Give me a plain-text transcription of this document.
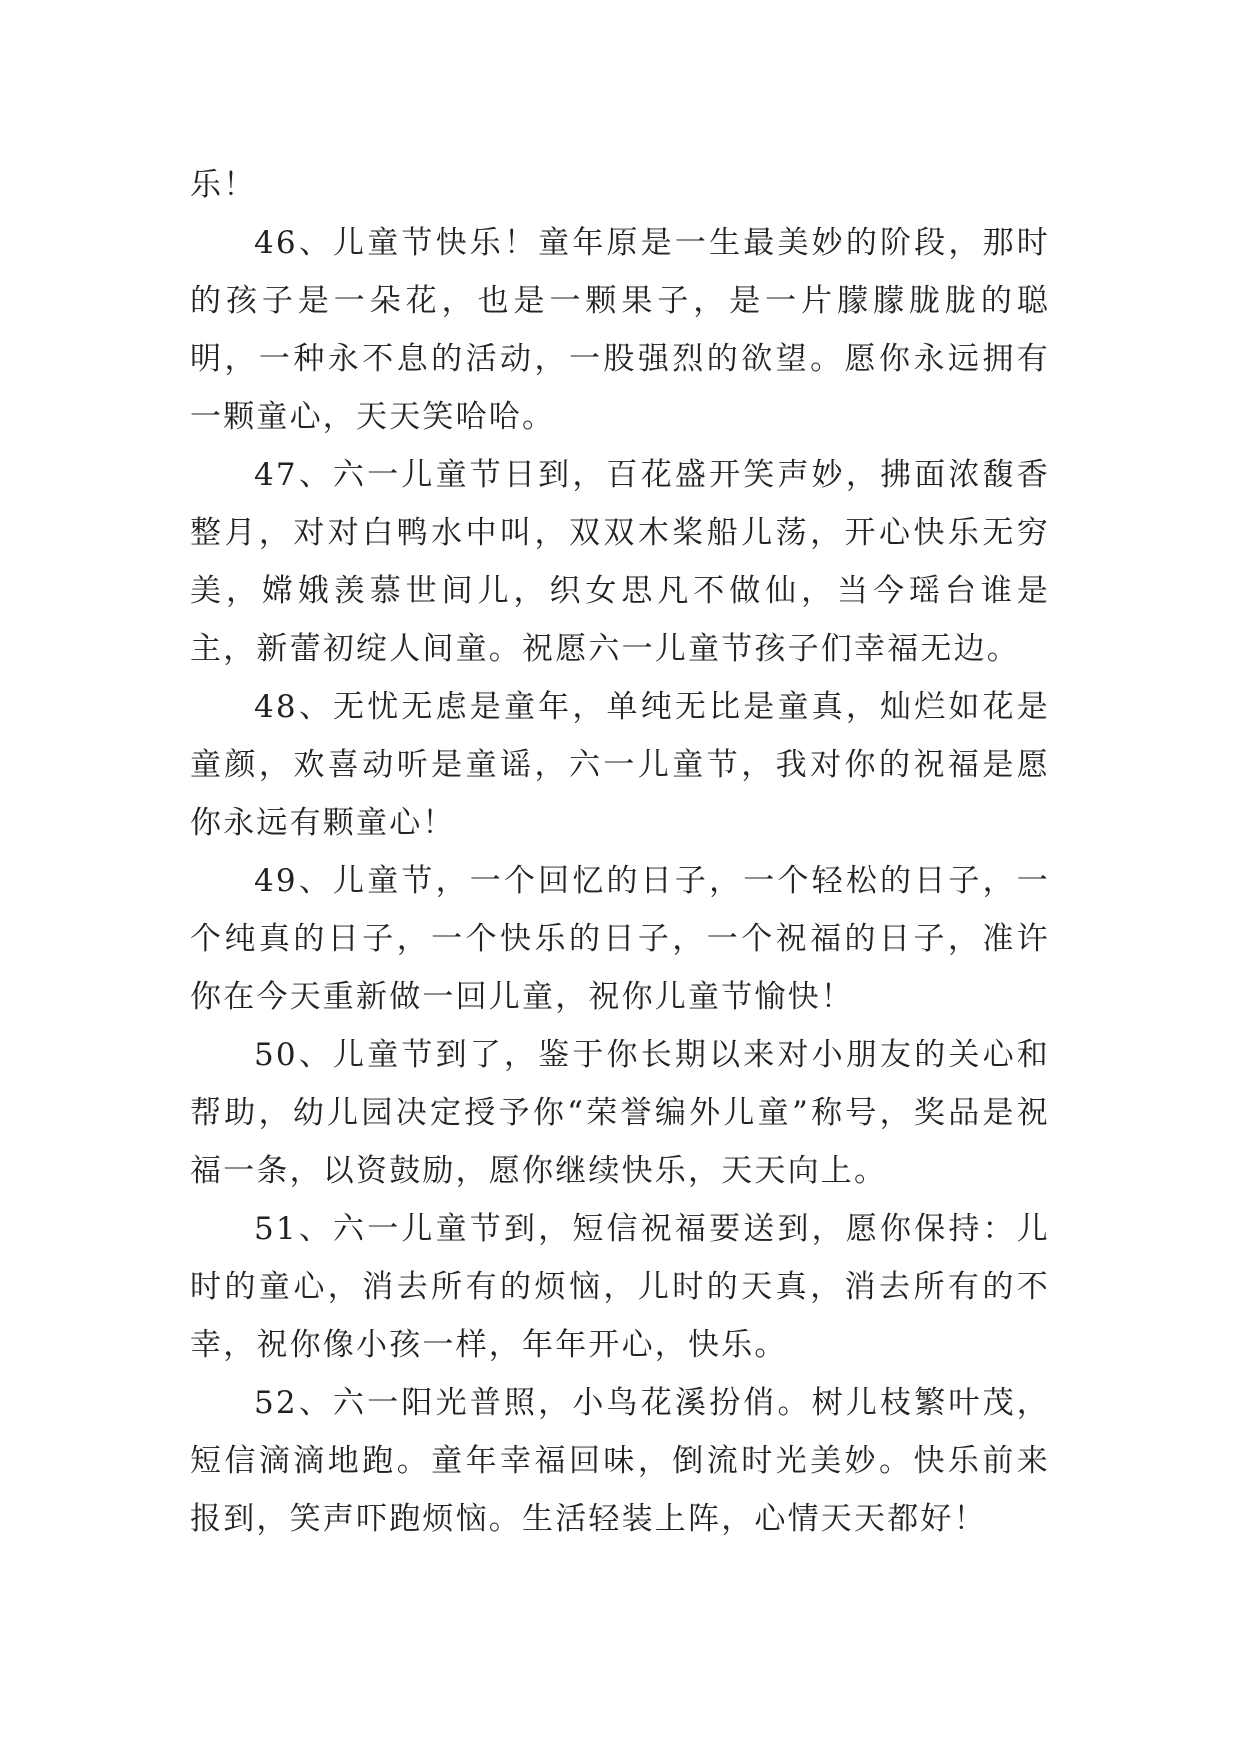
乐！

46、儿童节快乐！童年原是一生最美妙的阶段，那时的孩子是一朵花，也是一颗果子，是一片朦朦胧胧的聪明，一种永不息的活动，一股强烈的欲望。愿你永远拥有一颗童心，天天笑哈哈。

47、六一儿童节日到，百花盛开笑声妙，拂面浓馥香整月，对对白鸭水中叫，双双木桨船儿荡，开心快乐无穷美，嫦娥羡慕世间儿，织女思凡不做仙，当今瑶台谁是主，新蕾初绽人间童。祝愿六一儿童节孩子们幸福无边。

48、无忧无虑是童年，单纯无比是童真，灿烂如花是童颜，欢喜动听是童谣，六一儿童节，我对你的祝福是愿你永远有颗童心！

49、儿童节，一个回忆的日子，一个轻松的日子，一个纯真的日子，一个快乐的日子，一个祝福的日子，准许你在今天重新做一回儿童，祝你儿童节愉快！

50、儿童节到了，鉴于你长期以来对小朋友的关心和帮助，幼儿园决定授予你“荣誉编外儿童”称号，奖品是祝福一条，以资鼓励，愿你继续快乐，天天向上。

51、六一儿童节到，短信祝福要送到，愿你保持：儿时的童心，消去所有的烦恼，儿时的天真，消去所有的不幸，祝你像小孩一样，年年开心，快乐。

52、六一阳光普照，小鸟花溪扮俏。树儿枝繁叶茂，短信滴滴地跑。童年幸福回味，倒流时光美妙。快乐前来报到，笑声吓跑烦恼。生活轻装上阵，心情天天都好！
